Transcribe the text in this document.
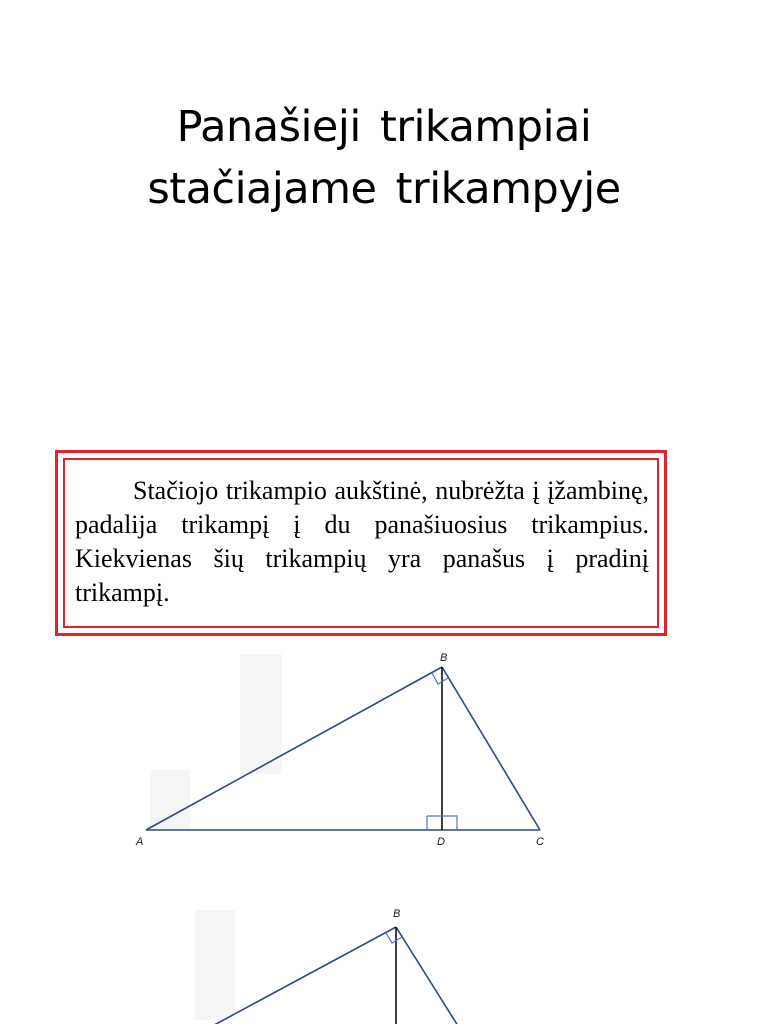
Panašieji trikampiai
stačiajame trikampyje
Stačiojo trikampio aukštinė, nubrėžta į įžambinę, padalija trikampį į du panašiuosius trikampius. Kiekvienas šių trikampių yra panašus į pradinį trikampį.
B
A	D	C
B
